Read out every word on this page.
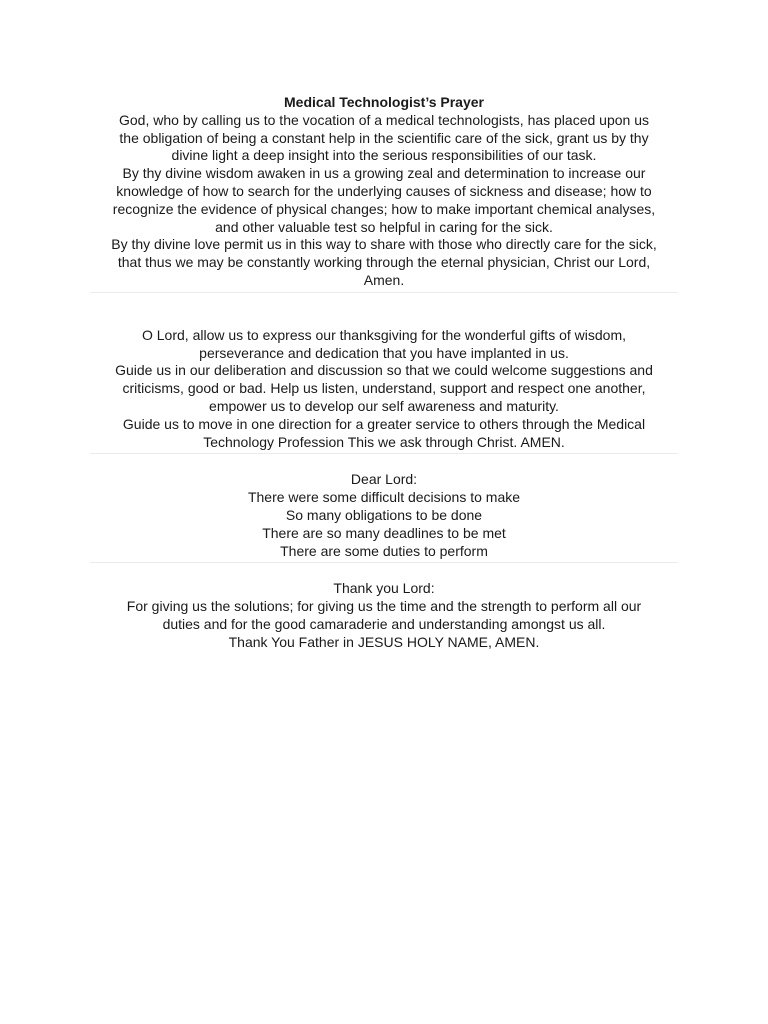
Medical Technologist’s Prayer

God, who by calling us to the vocation of a medical technologists, has placed upon us

the obligation of being a constant help in the scientific care of the sick, grant us by thy

divine light a deep insight into the serious responsibilities of our task.

By thy divine wisdom awaken in us a growing zeal and determination to increase our

knowledge of how to search for the underlying causes of sickness and disease; how to

recognize the evidence of physical changes; how to make important chemical analyses,

and other valuable test so helpful in caring for the sick.

By thy divine love permit us in this way to share with those who directly care for the sick,

that thus we may be constantly working through the eternal physician, Christ our Lord,

Amen.

O Lord, allow us to express our thanksgiving for the wonderful gifts of wisdom,

perseverance and dedication that you have implanted in us.

Guide us in our deliberation and discussion so that we could welcome suggestions and

criticisms, good or bad. Help us listen, understand, support and respect one another,

empower us to develop our self awareness and maturity.

Guide us to move in one direction for a greater service to others through the Medical

Technology Profession This we ask through Christ. AMEN.

Dear Lord:

There were some difficult decisions to make

So many obligations to be done

There are so many deadlines to be met

There are some duties to perform

Thank you Lord:

For giving us the solutions; for giving us the time and the strength to perform all our

duties and for the good camaraderie and understanding amongst us all.

Thank You Father in JESUS HOLY NAME, AMEN.
